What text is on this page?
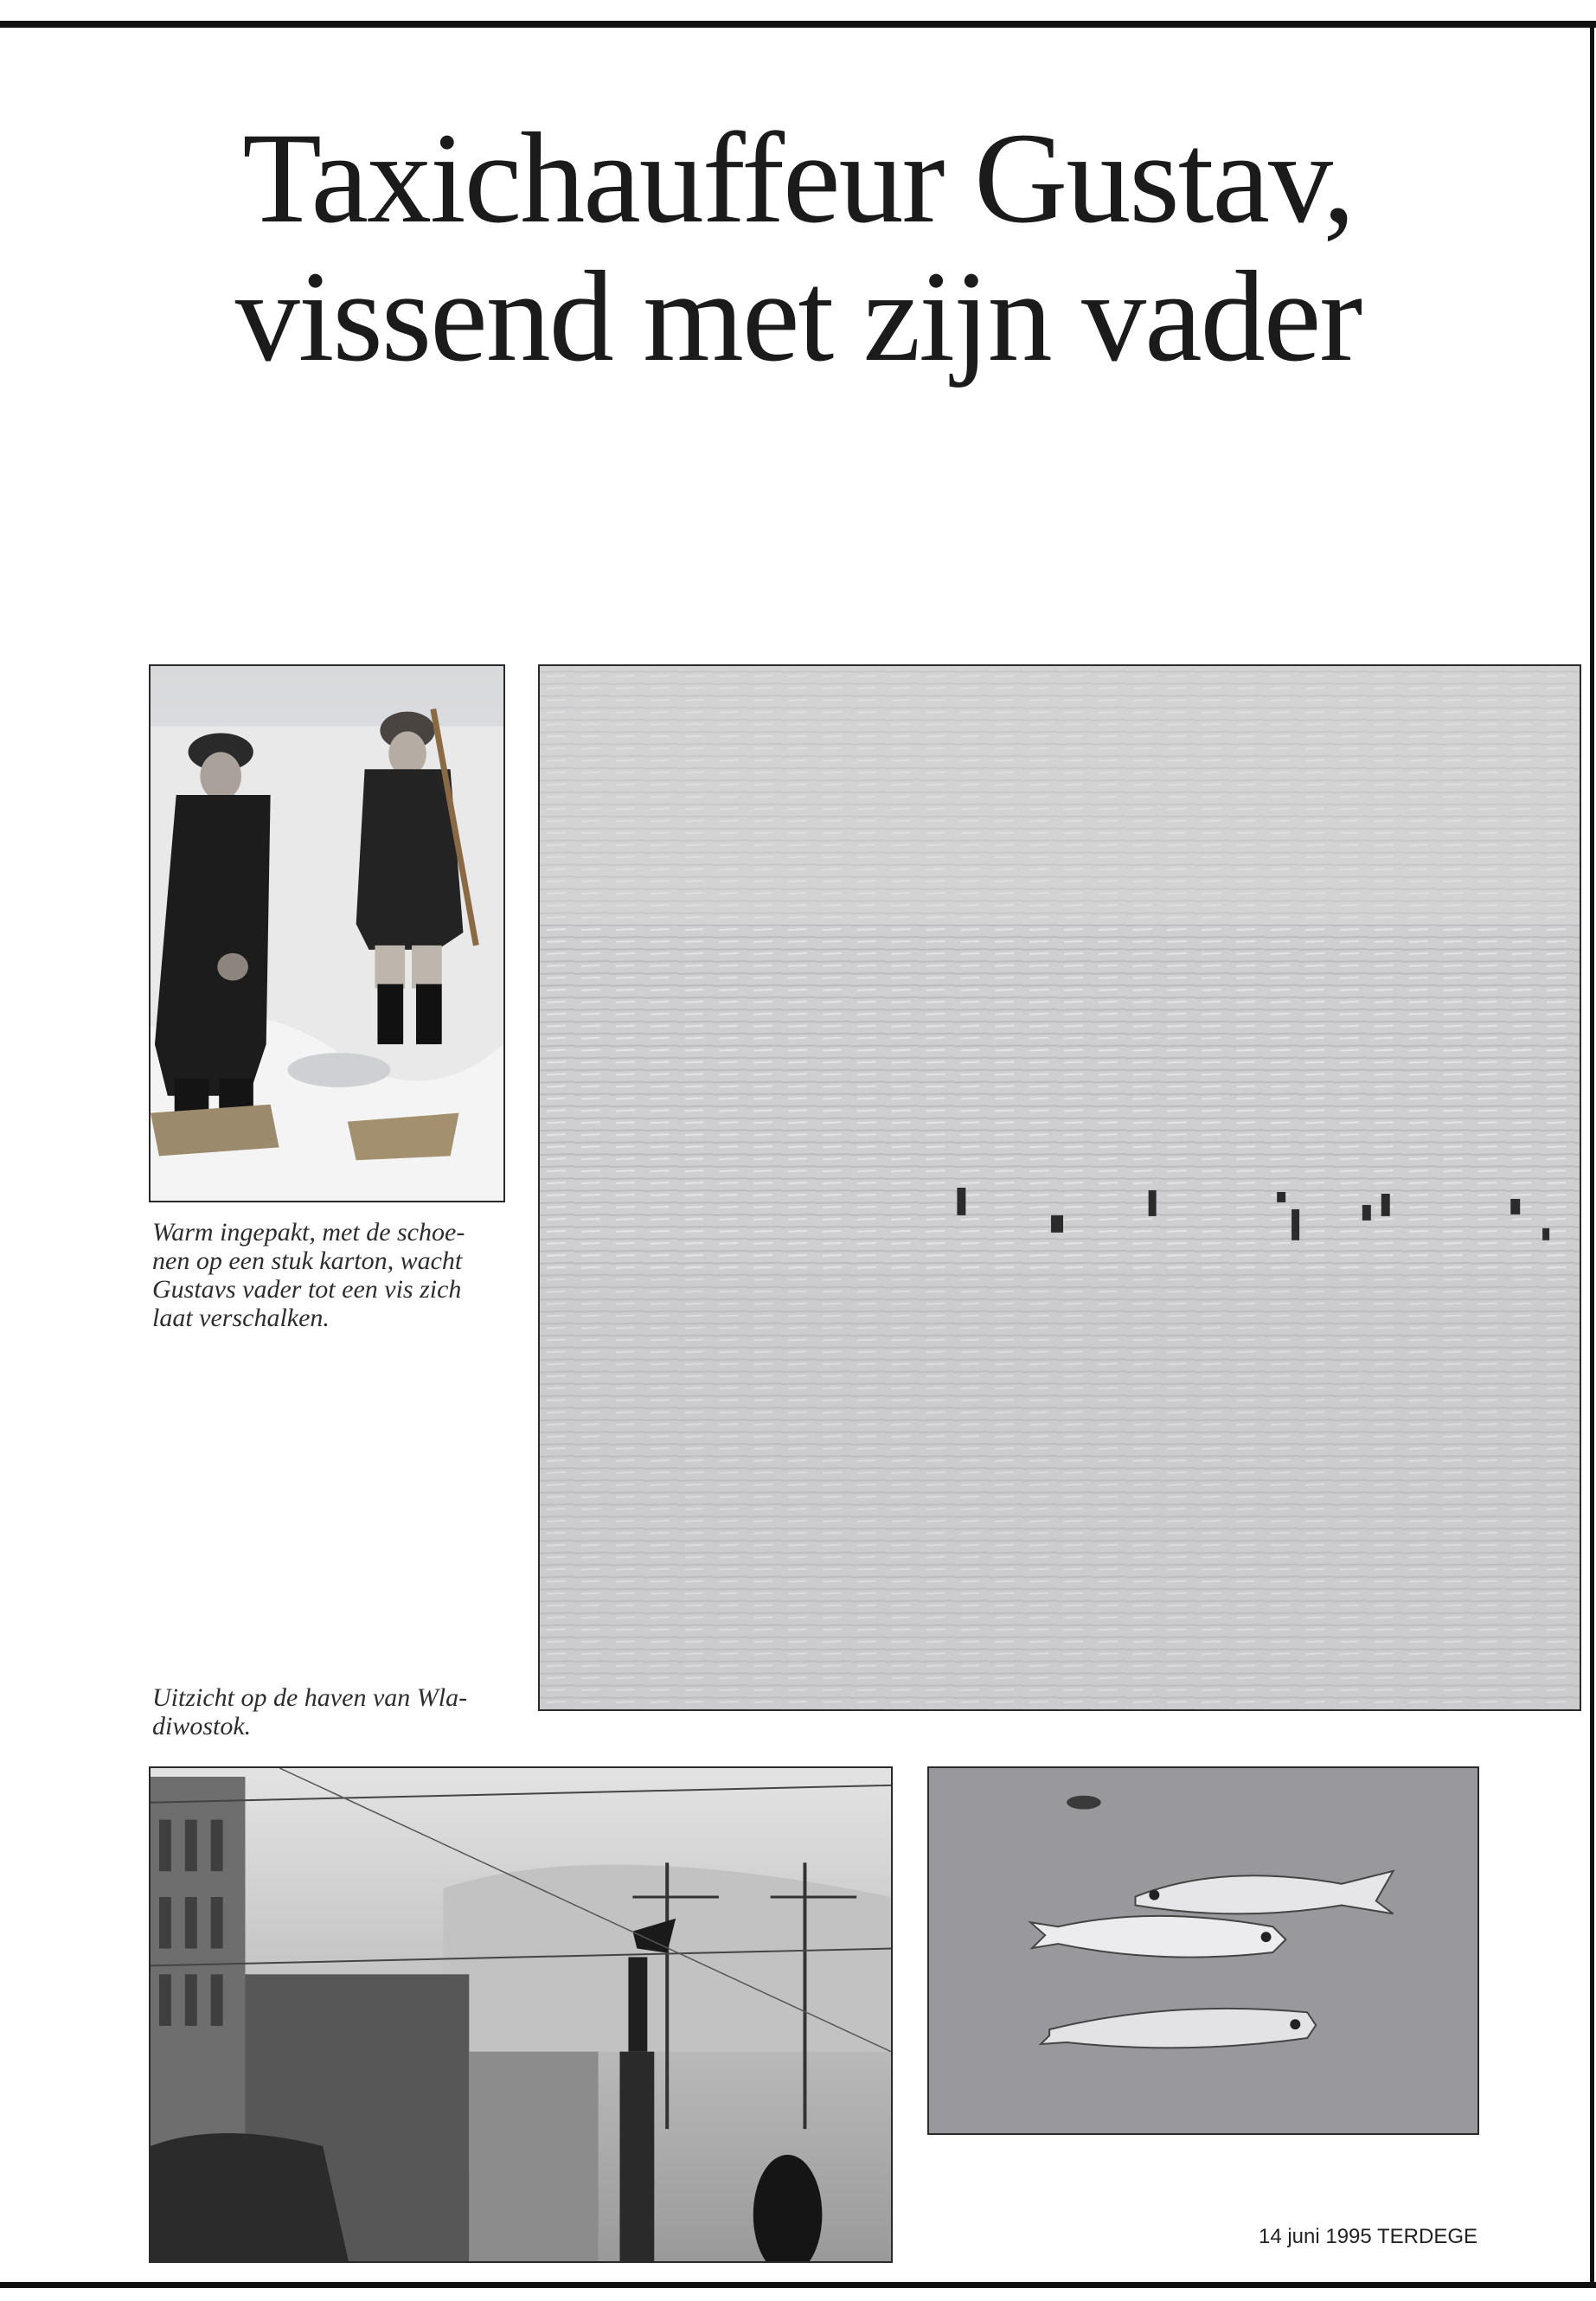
Taxichauffeur Gustav,
vissend met zijn vader
Warm ingepakt, met de schoe-
nen op een stuk karton, wacht
Gustavs vader tot een vis zich
laat verschalken.
Uitzicht op de haven van Wla-
diwostok.
14 juni 1995 TERDEGE
